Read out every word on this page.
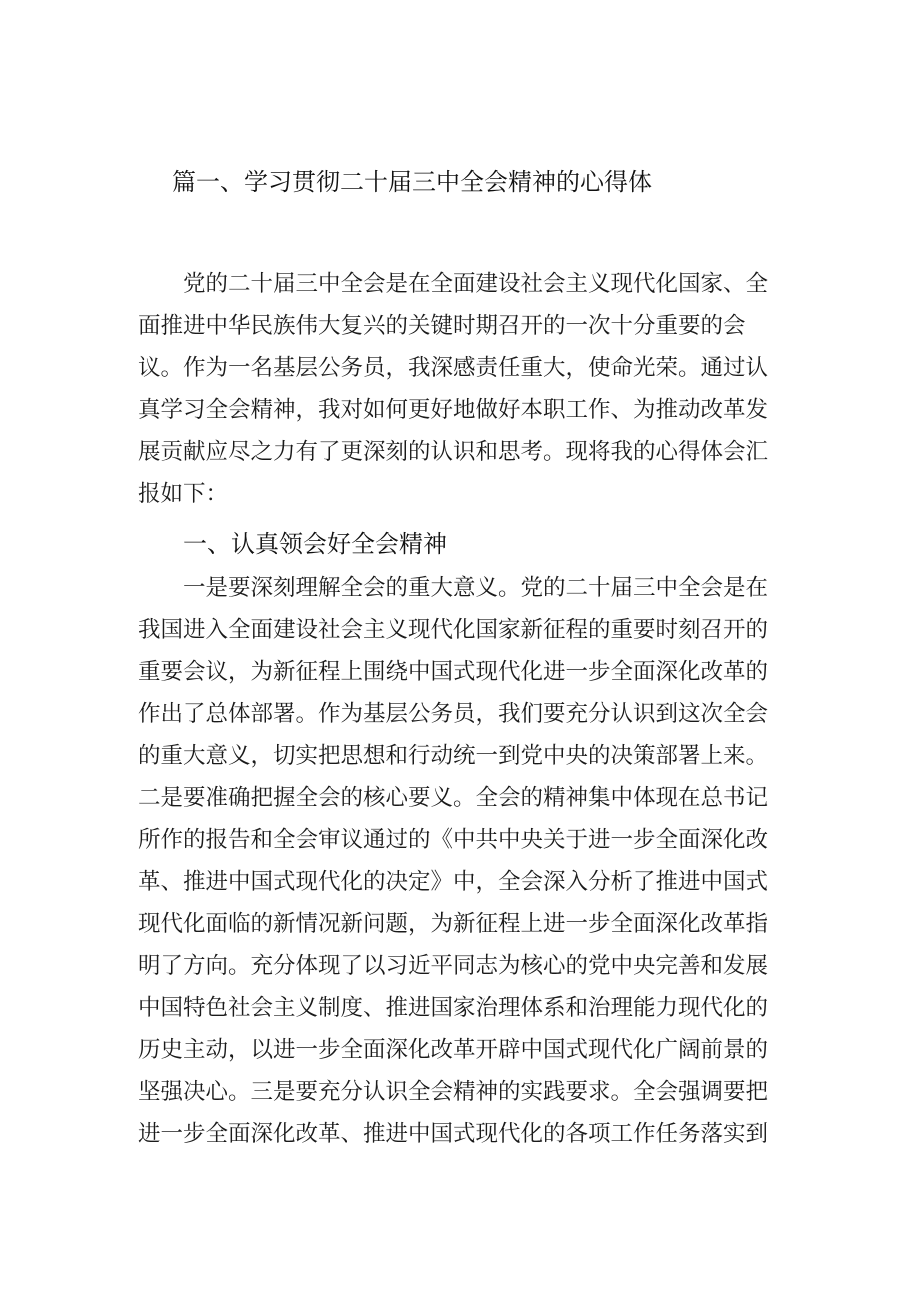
篇一、学习贯彻二十届三中全会精神的心得体
党的二十届三中全会是在全面建设社会主义现代化国家、全
面推进中华民族伟大复兴的关键时期召开的一次十分重要的会
议。作为一名基层公务员，我深感责任重大，使命光荣。通过认
真学习全会精神，我对如何更好地做好本职工作、为推动改革发
展贡献应尽之力有了更深刻的认识和思考。现将我的心得体会汇
报如下：
一、认真领会好全会精神
一是要深刻理解全会的重大意义。党的二十届三中全会是在
我国进入全面建设社会主义现代化国家新征程的重要时刻召开的
重要会议，为新征程上围绕中国式现代化进一步全面深化改革的
作出了总体部署。作为基层公务员，我们要充分认识到这次全会
的重大意义，切实把思想和行动统一到党中央的决策部署上来。
二是要准确把握全会的核心要义。全会的精神集中体现在总书记
所作的报告和全会审议通过的《中共中央关于进一步全面深化改
革、推进中国式现代化的决定》中，全会深入分析了推进中国式
现代化面临的新情况新问题，为新征程上进一步全面深化改革指
明了方向。充分体现了以习近平同志为核心的党中央完善和发展
中国特色社会主义制度、推进国家治理体系和治理能力现代化的
历史主动，以进一步全面深化改革开辟中国式现代化广阔前景的
坚强决心。三是要充分认识全会精神的实践要求。全会强调要把
进一步全面深化改革、推进中国式现代化的各项工作任务落实到
